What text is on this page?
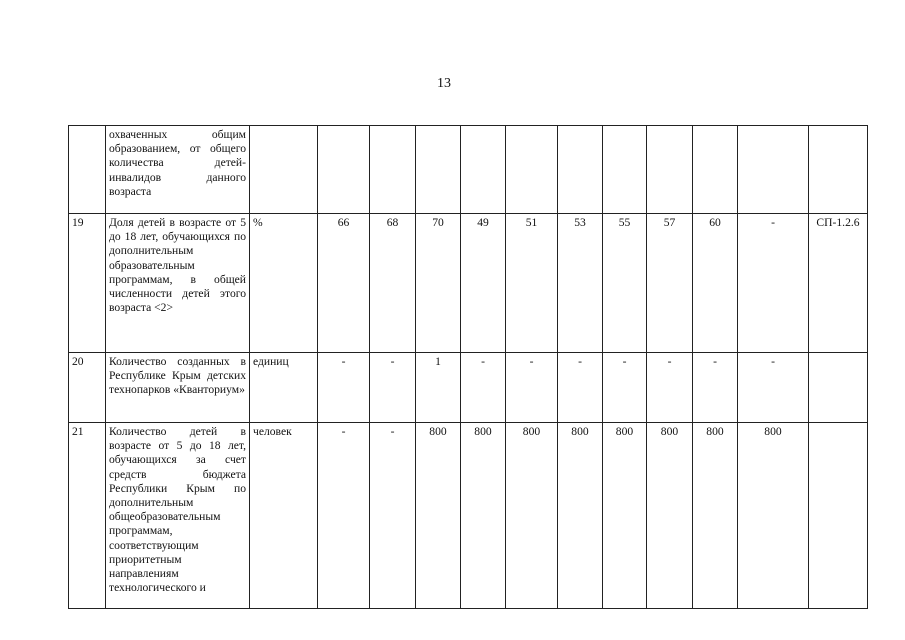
13
	охваченных общим образованием, от общего количества детей-инвалидов данного возраста												
19	Доля детей в возрасте от 5 до 18 лет, обучающихся по дополнительным образовательным программам, в общей численности детей этого возраста <2>	%	66	68	70	49	51	53	55	57	60	-	СП-1.2.6
20	Количество созданных в Республике Крым детских технопарков «Кванториум»	единиц	-	-	1	-	-	-	-	-	-	-	
21	Количество детей в возрасте от 5 до 18 лет, обучающихся за счет средств бюджета Республики Крым по дополнительным общеобразовательным программам, соответствующим приоритетным направлениям технологического и	человек	-	-	800	800	800	800	800	800	800	800	
